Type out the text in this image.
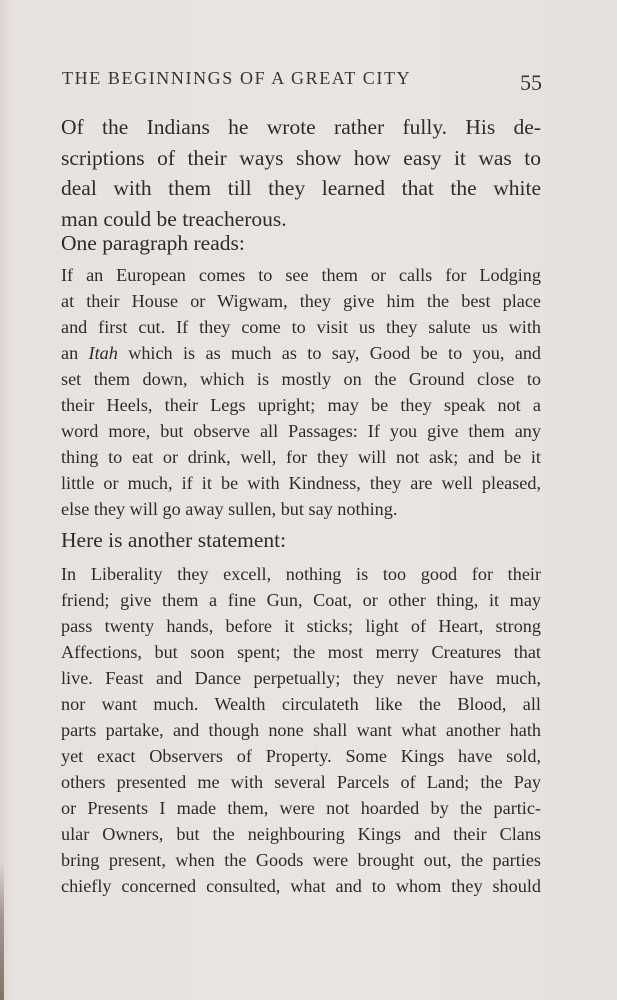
THE BEGINNINGS OF A GREAT CITY	55
Of the Indians he wrote rather fully. His de-
scriptions of their ways show how easy it was to
deal with them till they learned that the white
man could be treacherous.
One paragraph reads:
If an European comes to see them or calls for Lodging
at their House or Wigwam, they give him the best place
and first cut. If they come to visit us they salute us with
an Itah which is as much as to say, Good be to you, and
set them down, which is mostly on the Ground close to
their Heels, their Legs upright; may be they speak not a
word more, but observe all Passages: If you give them any
thing to eat or drink, well, for they will not ask; and be it
little or much, if it be with Kindness, they are well pleased,
else they will go away sullen, but say nothing.
Here is another statement:
In Liberality they excell, nothing is too good for their
friend; give them a fine Gun, Coat, or other thing, it may
pass twenty hands, before it sticks; light of Heart, strong
Affections, but soon spent; the most merry Creatures that
live. Feast and Dance perpetually; they never have much,
nor want much. Wealth circulateth like the Blood, all
parts partake, and though none shall want what another hath
yet exact Observers of Property. Some Kings have sold,
others presented me with several Parcels of Land; the Pay
or Presents I made them, were not hoarded by the partic-
ular Owners, but the neighbouring Kings and their Clans
bring present, when the Goods were brought out, the parties
chiefly concerned consulted, what and to whom they should
